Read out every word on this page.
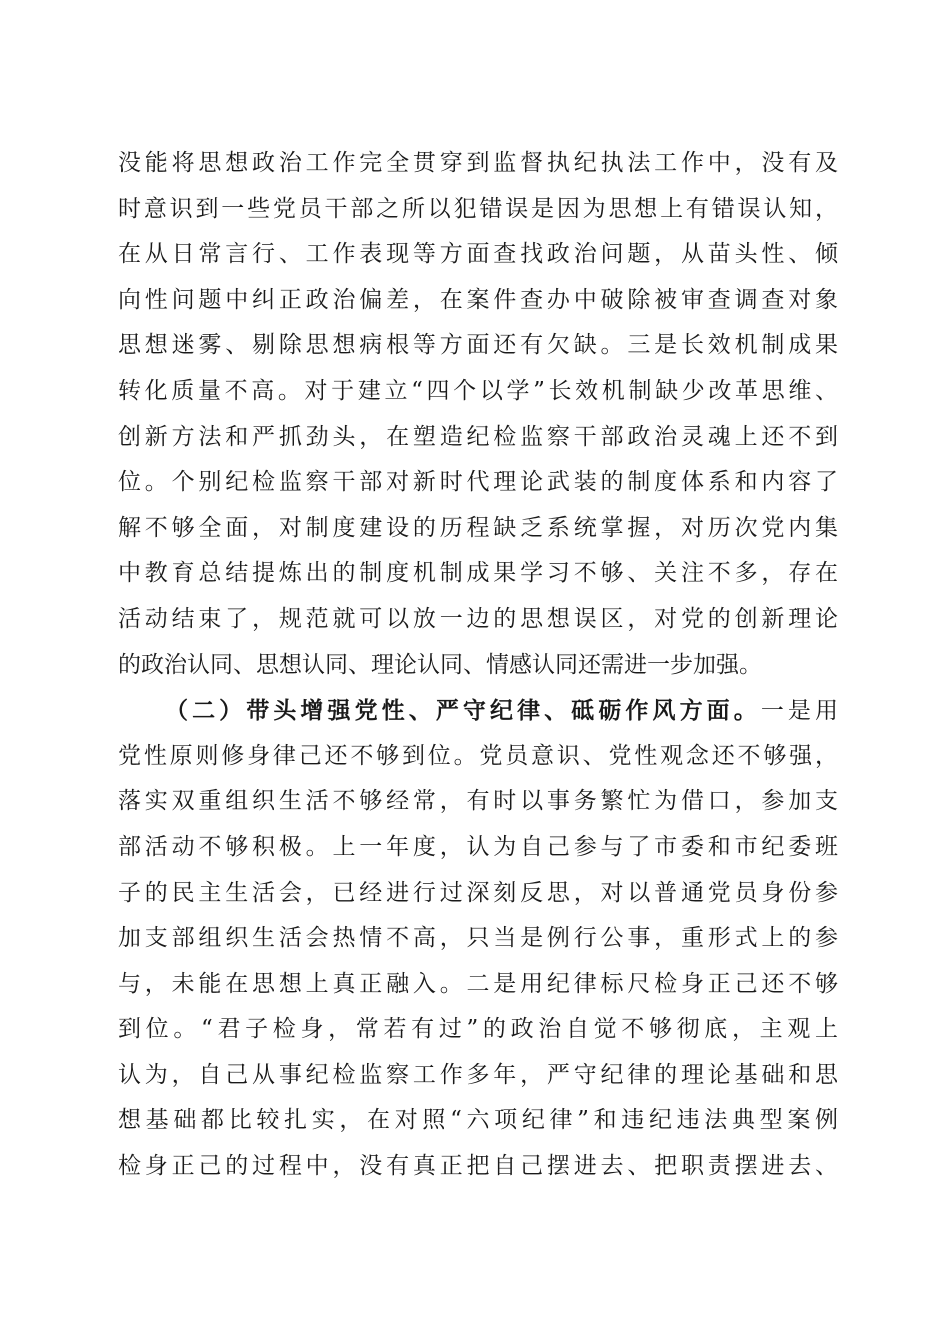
没能将思想政治工作完全贯穿到监督执纪执法工作中，没有及
时意识到一些党员干部之所以犯错误是因为思想上有错误认知，
在从日常言行、工作表现等方面查找政治问题，从苗头性、倾
向性问题中纠正政治偏差，在案件查办中破除被审查调查对象
思想迷雾、剔除思想病根等方面还有欠缺。三是长效机制成果
转化质量不高。对于建立“四个以学”长效机制缺少改革思维、
创新方法和严抓劲头，在塑造纪检监察干部政治灵魂上还不到
位。个别纪检监察干部对新时代理论武装的制度体系和内容了
解不够全面，对制度建设的历程缺乏系统掌握，对历次党内集
中教育总结提炼出的制度机制成果学习不够、关注不多，存在
活动结束了，规范就可以放一边的思想误区，对党的创新理论
的政治认同、思想认同、理论认同、情感认同还需进一步加强。
（二）带头增强党性、严守纪律、砥砺作风方面。一是用
党性原则修身律己还不够到位。党员意识、党性观念还不够强，
落实双重组织生活不够经常，有时以事务繁忙为借口，参加支
部活动不够积极。上一年度，认为自己参与了市委和市纪委班
子的民主生活会，已经进行过深刻反思，对以普通党员身份参
加支部组织生活会热情不高，只当是例行公事，重形式上的参
与，未能在思想上真正融入。二是用纪律标尺检身正己还不够
到位。“君子检身，常若有过”的政治自觉不够彻底，主观上
认为，自己从事纪检监察工作多年，严守纪律的理论基础和思
想基础都比较扎实，在对照“六项纪律”和违纪违法典型案例
检身正己的过程中，没有真正把自己摆进去、把职责摆进去、
